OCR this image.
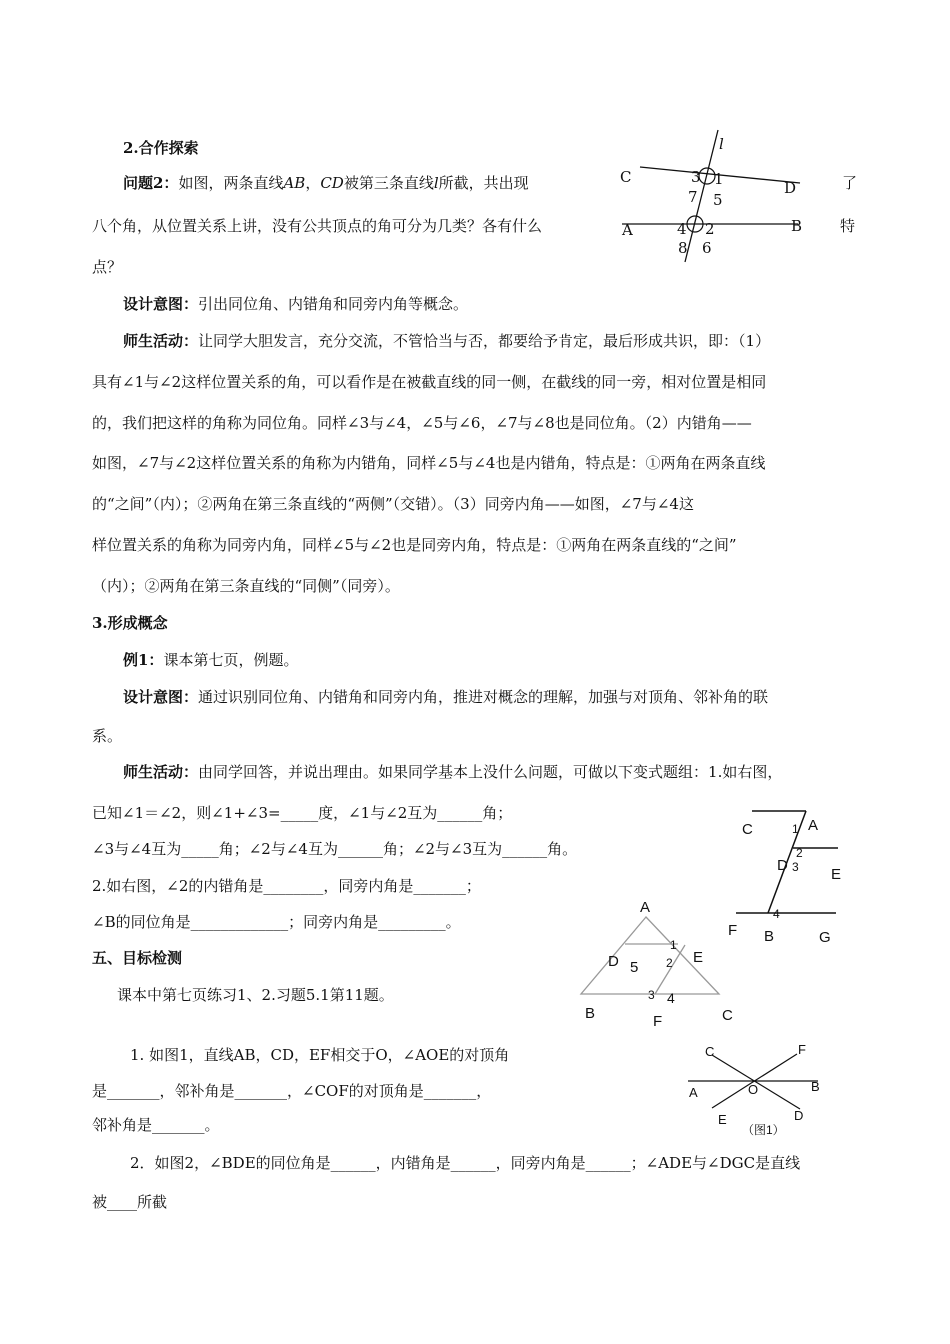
2.合作探索
问题2：如图，两条直线AB，CD被第三条直线l所截，共出现	了
八个角，从位置关系上讲，没有公共顶点的角可分为几类？各有什么	特
点？
设计意图：引出同位角、内错角和同旁内角等概念。
师生活动：让同学大胆发言，充分交流，不管恰当与否，都要给予肯定，最后形成共识，即：（1）
具有∠1与∠2这样位置关系的角，可以看作是在被截直线的同一侧，在截线的同一旁，相对位置是相同
的，我们把这样的角称为同位角。同样∠3与∠4，∠5与∠6，∠7与∠8也是同位角。（2）内错角——
如图，∠7与∠2这样位置关系的角称为内错角，同样∠5与∠4也是内错角，特点是：①两角在两条直线
的“之间”（内）；②两角在第三条直线的“两侧”（交错）。（3）同旁内角——如图，∠7与∠4这
样位置关系的角称为同旁内角，同样∠5与∠2也是同旁内角，特点是：①两角在两条直线的“之间”
（内）；②两角在第三条直线的“同侧”（同旁）。
3.形成概念
例1：课本第七页，例题。
设计意图：通过识别同位角、内错角和同旁内角，推进对概念的理解，加强与对顶角、邻补角的联
系。
师生活动：由同学回答，并说出理由。如果同学基本上没什么问题，可做以下变式题组：1.如右图，
已知∠1＝∠2，则∠1+∠3=_____度，∠1与∠2互为______角；
∠3与∠4互为_____角；∠2与∠4互为______角；∠2与∠3互为______角。
2.如右图，∠2的内错角是________，同旁内角是_______；
∠B的同位角是_____________；同旁内角是_________。
五、目标检测
课本中第七页练习1、2.习题5.1第11题。
1. 如图1，直线AB，CD，EF相交于O，∠AOE的对顶角
是_______，邻补角是_______，∠COF的对顶角是_______，
邻补角是_______。
2．如图2，∠BDE的同位角是______，内错角是______，同旁内角是______；∠ADE与∠DGC是直线
被____所截
l
C
D
A	B
3 1
7 5
4 2
8 6
C	A
1
2
D 3 E
4
F B	G
A
1
D 5 2 E
3 4
B	F	C
C	F
O
A	B
E	D
（图1）
